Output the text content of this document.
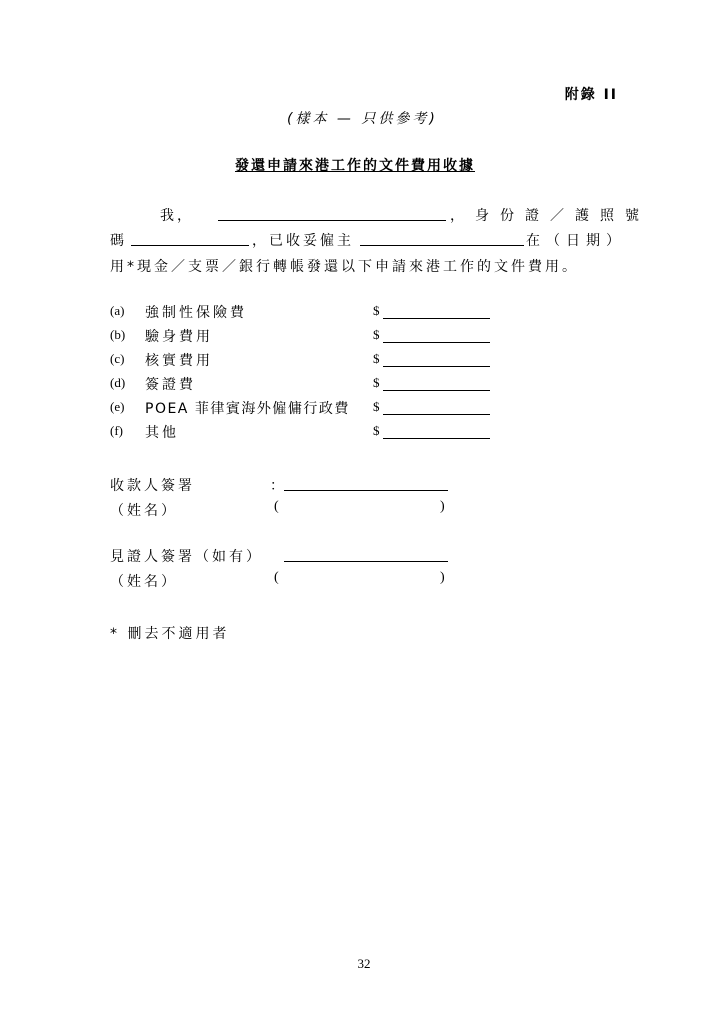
附錄 II
(樣本 — 只供參考)
發還申請來港工作的文件費用收據
我，	，身份證／護照號
碼	，已收妥僱主	在（日期）
用*現金／支票／銀行轉帳發還以下申請來港工作的文件費用。
(a) 強制性保險費	$
(b) 驗身費用	$
(c) 核實費用	$
(d) 簽證費	$
(e) POEA 菲律賓海外僱傭行政費 $
(f) 其他	$
收款人簽署	：
（姓名）	(	)
見證人簽署（如有）
（姓名）	(	)
* 刪去不適用者
32
